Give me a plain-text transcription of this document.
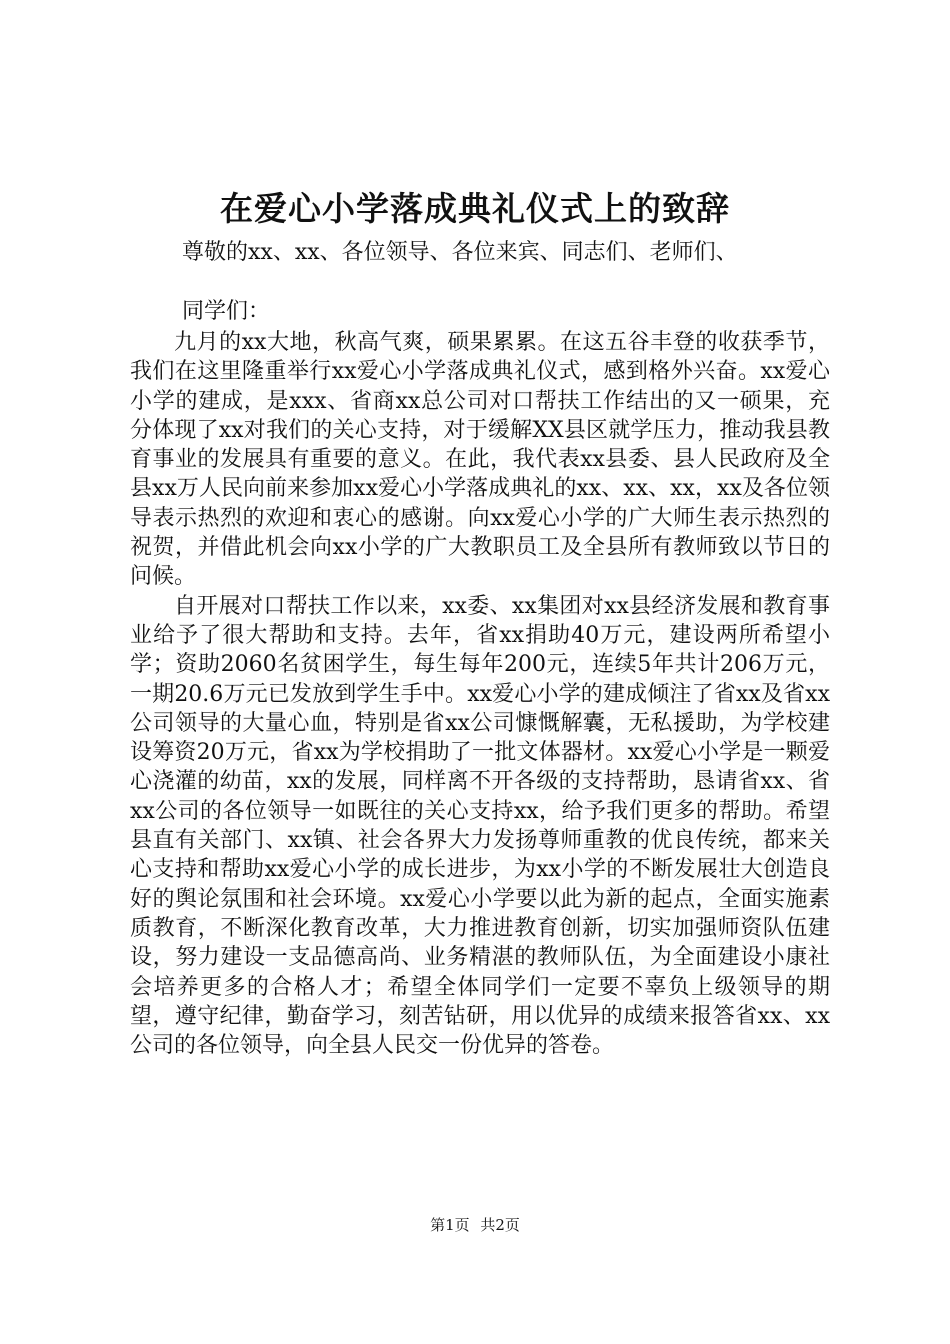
在爱心小学落成典礼仪式上的致辞

尊敬的xx、xx、各位领导、各位来宾、同志们、老师们、

同学们：

九月的xx大地，秋高气爽，硕果累累。在这五谷丰登的收获季节，我们在这里隆重举行xx爱心小学落成典礼仪式，感到格外兴奋。xx爱心小学的建成，是xxx、省商xx总公司对口帮扶工作结出的又一硕果，充分体现了xx对我们的关心支持，对于缓解XX县区就学压力，推动我县教育事业的发展具有重要的意义。在此，我代表xx县委、县人民政府及全县xx万人民向前来参加xx爱心小学落成典礼的xx、xx、xx，xx及各位领导表示热烈的欢迎和衷心的感谢。向xx爱心小学的广大师生表示热烈的祝贺，并借此机会向xx小学的广大教职员工及全县所有教师致以节日的问候。

自开展对口帮扶工作以来，xx委、xx集团对xx县经济发展和教育事业给予了很大帮助和支持。去年，省xx捐助40万元，建设两所希望小学；资助2060名贫困学生，每生每年200元，连续5年共计206万元，一期20.6万元已发放到学生手中。xx爱心小学的建成倾注了省xx及省xx公司领导的大量心血，特别是省xx公司慷慨解囊，无私援助，为学校建设筹资20万元，省xx为学校捐助了一批文体器材。xx爱心小学是一颗爱心浇灌的幼苗，xx的发展，同样离不开各级的支持帮助，恳请省xx、省xx公司的各位领导一如既往的关心支持xx，给予我们更多的帮助。希望县直有关部门、xx镇、社会各界大力发扬尊师重教的优良传统，都来关心支持和帮助xx爱心小学的成长进步，为xx小学的不断发展壮大创造良好的舆论氛围和社会环境。xx爱心小学要以此为新的起点，全面实施素质教育，不断深化教育改革，大力推进教育创新，切实加强师资队伍建设，努力建设一支品德高尚、业务精湛的教师队伍，为全面建设小康社会培养更多的合格人才；希望全体同学们一定要不辜负上级领导的期望，遵守纪律，勤奋学习，刻苦钻研，用以优异的成绩来报答省xx、xx公司的各位领导，向全县人民交一份优异的答卷。

第1页 共2页
